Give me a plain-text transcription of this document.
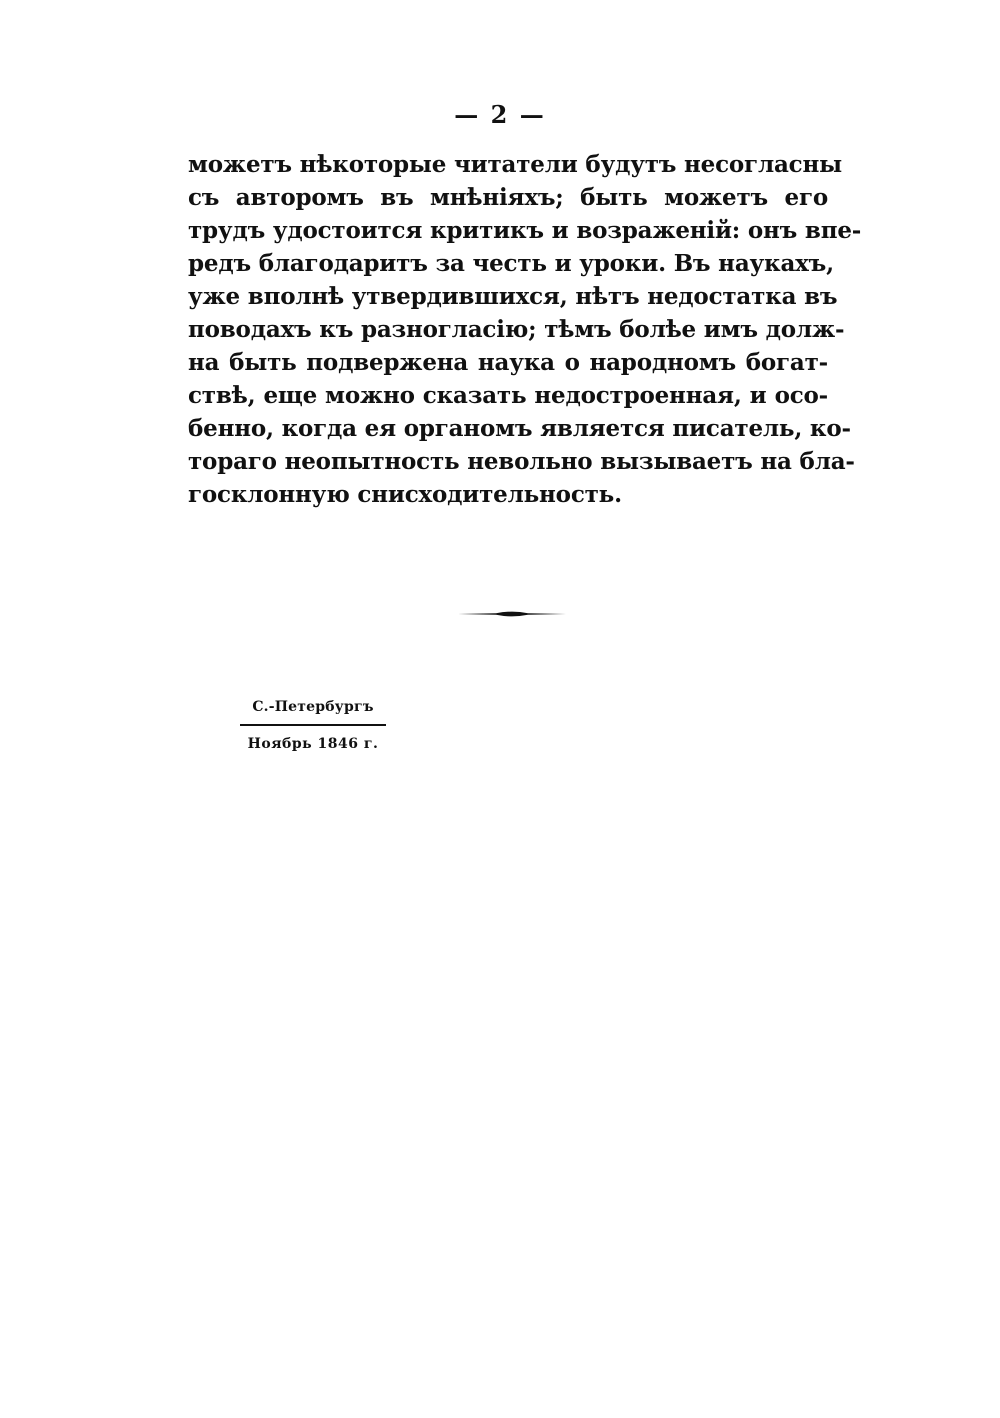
— 2 —
можетъ нѣкоторые читатели будутъ несогласны
съ авторомъ въ мнѣніяхъ; быть можетъ его
трудъ удостоится критикъ и возраженій: онъ впе-
редъ благодаритъ за честь и уроки. Въ наукахъ,
уже вполнѣ утвердившихся, нѣтъ недостатка въ
поводахъ къ разногласію; тѣмъ болѣе имъ долж-
на быть подвержена наука о народномъ богат-
ствѣ, еще можно сказать недостроенная, и осо-
бенно, когда ея органомъ является писатель, ко-
тораго неопытность невольно вызываетъ на бла-
госклонную снисходительность.
С.-Петербургъ
Ноябрь 1846 г.
